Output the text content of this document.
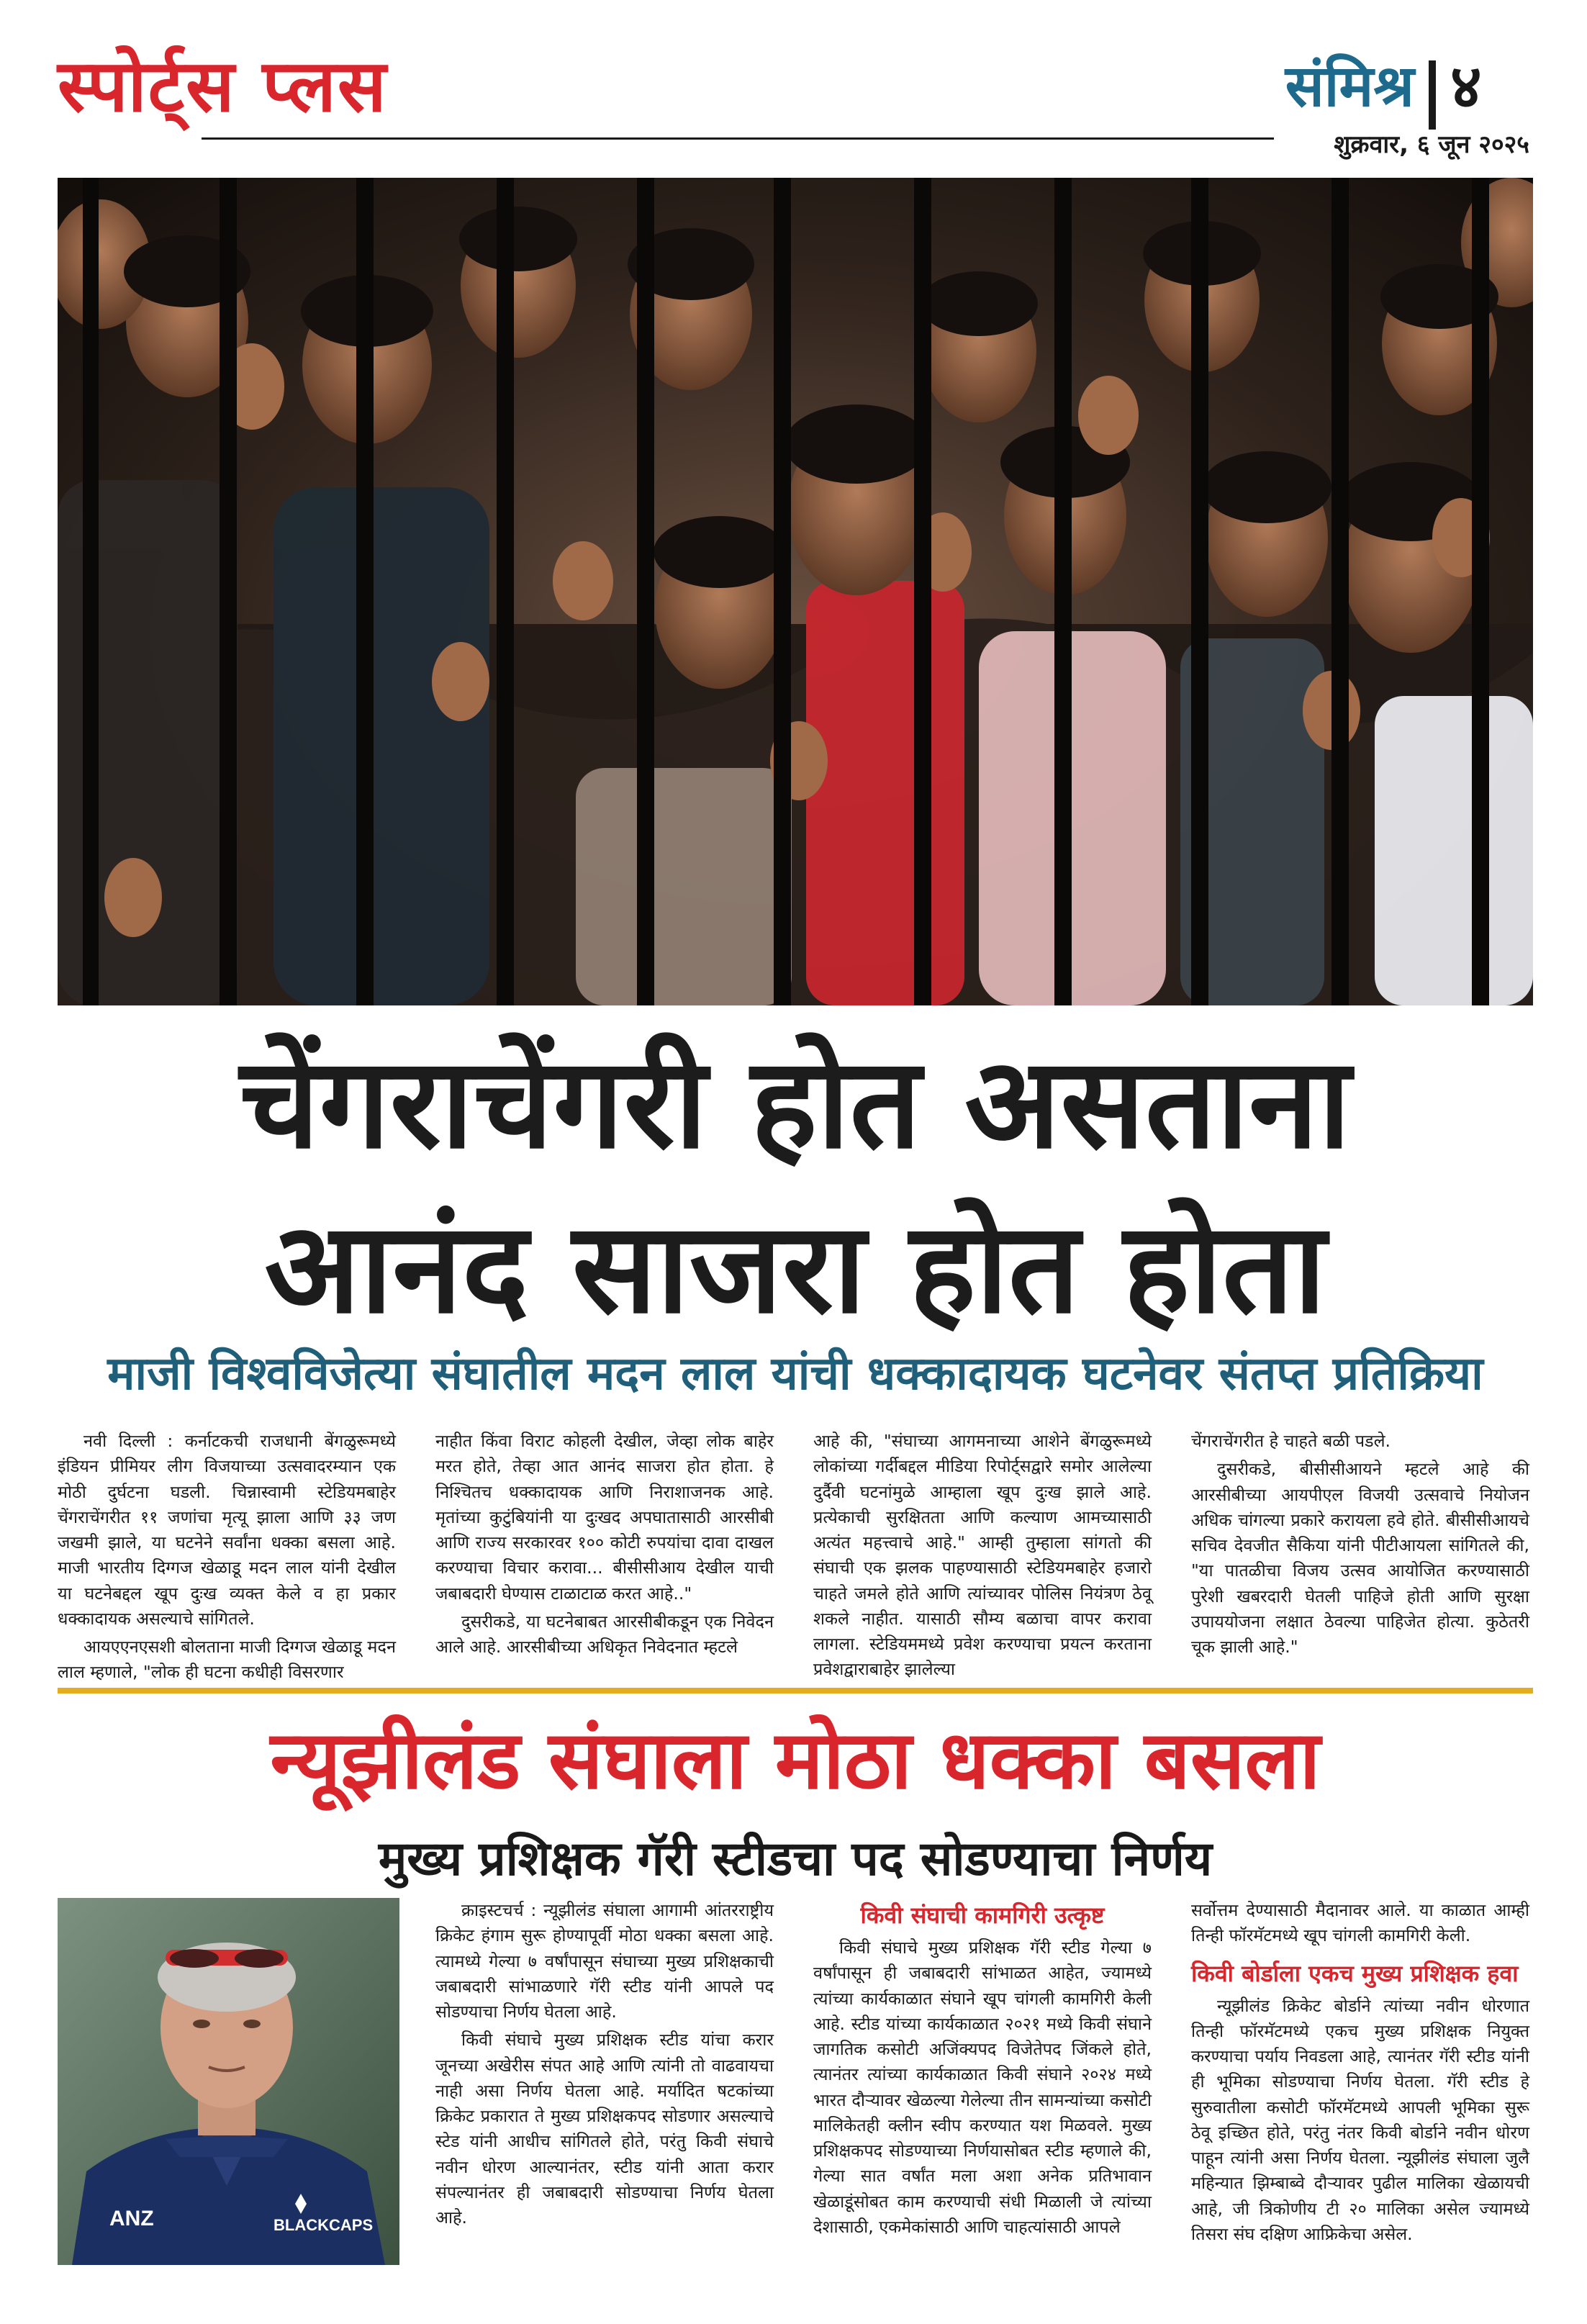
स्पोर्ट्स प्लस	संमिश्र ४
शुक्रवार, ६ जून २०२५
चेंगराचेंगरी होत असताना
आनंद साजरा होत होता
माजी विश्वविजेत्या संघातील मदन लाल यांची धक्कादायक घटनेवर संतप्त प्रतिक्रिया

नवी दिल्ली : कर्नाटकची राजधानी बेंगळुरूमध्ये इंडियन प्रीमियर लीग विजयाच्या उत्सवादरम्यान एक मोठी दुर्घटना घडली. चिन्नास्वामी स्टेडियमबाहेर चेंगराचेंगरीत ११ जणांचा मृत्यू झाला आणि ३३ जण जखमी झाले, या घटनेने सर्वांना धक्का बसला आहे. माजी भारतीय दिग्गज खेळाडू मदन लाल यांनी देखील या घटनेबद्दल खूप दुःख व्यक्त केले व हा प्रकार धक्कादायक असल्याचे सांगितले.

आयएएनएसशी बोलताना माजी दिग्गज खेळाडू मदन लाल म्हणाले, "लोक ही घटना कधीही विसरणार

नाहीत किंवा विराट कोहली देखील, जेव्हा लोक बाहेर मरत होते, तेव्हा आत आनंद साजरा होत होता. हे निश्चितच धक्कादायक आणि निराशाजनक आहे. मृतांच्या कुटुंबियांनी या दुःखद अपघातासाठी आरसीबी आणि राज्य सरकारवर १०० कोटी रुपयांचा दावा दाखल करण्याचा विचार करावा... बीसीसीआय देखील याची जबाबदारी घेण्यास टाळाटाळ करत आहे.."

दुसरीकडे, या घटनेबाबत आरसीबीकडून एक निवेदन आले आहे. आरसीबीच्या अधिकृत निवेदनात म्हटले

आहे की, "संघाच्या आगमनाच्या आशेने बेंगळुरूमध्ये लोकांच्या गर्दीबद्दल मीडिया रिपोर्ट्सद्वारे समोर आलेल्या दुर्दैवी घटनांमुळे आम्हाला खूप दुःख झाले आहे. प्रत्येकाची सुरक्षितता आणि कल्याण आमच्यासाठी अत्यंत महत्त्वाचे आहे." आम्ही तुम्हाला सांगतो की संघाची एक झलक पाहण्यासाठी स्टेडियमबाहेर हजारो चाहते जमले होते आणि त्यांच्यावर पोलिस नियंत्रण ठेवू शकले नाहीत. यासाठी सौम्य बळाचा वापर करावा लागला. स्टेडियममध्ये प्रवेश करण्याचा प्रयत्न करताना प्रवेशद्वाराबाहेर झालेल्या

चेंगराचेंगरीत हे चाहते बळी पडले.

दुसरीकडे, बीसीसीआयने म्हटले आहे की आरसीबीच्या आयपीएल विजयी उत्सवाचे नियोजन अधिक चांगल्या प्रकारे करायला हवे होते. बीसीसीआयचे सचिव देवजीत सैकिया यांनी पीटीआयला सांगितले की, "या पातळीचा विजय उत्सव आयोजित करण्यासाठी पुरेशी खबरदारी घेतली पाहिजे होती आणि सुरक्षा उपाययोजना लक्षात ठेवल्या पाहिजेत होत्या. कुठेतरी चूक झाली आहे."

न्यूझीलंड संघाला मोठा धक्का बसला
मुख्य प्रशिक्षक गॅरी स्टीडचा पद सोडण्याचा निर्णय
ANZ	BLACKCAPS

क्राइस्टचर्च : न्यूझीलंड संघाला आगामी आंतरराष्ट्रीय क्रिकेट हंगाम सुरू होण्यापूर्वी मोठा धक्का बसला आहे. त्यामध्ये गेल्या ७ वर्षांपासून संघाच्या मुख्य प्रशिक्षकाची जबाबदारी सांभाळणारे गॅरी स्टीड यांनी आपले पद सोडण्याचा निर्णय घेतला आहे.

किवी संघाचे मुख्य प्रशिक्षक स्टीड यांचा करार जूनच्या अखेरीस संपत आहे आणि त्यांनी तो वाढवायचा नाही असा निर्णय घेतला आहे. मर्यादित षटकांच्या क्रिकेट प्रकारात ते मुख्य प्रशिक्षकपद सोडणार असल्याचे स्टेड यांनी आधीच सांगितले होते, परंतु किवी संघाचे नवीन धोरण आल्यानंतर, स्टीड यांनी आता करार संपल्यानंतर ही जबाबदारी सोडण्याचा निर्णय घेतला आहे.

किवी संघाची कामगिरी उत्कृष्ट

किवी संघाचे मुख्य प्रशिक्षक गॅरी स्टीड गेल्या ७ वर्षांपासून ही जबाबदारी सांभाळत आहेत, ज्यामध्ये त्यांच्या कार्यकाळात संघाने खूप चांगली कामगिरी केली आहे. स्टीड यांच्या कार्यकाळात २०२१ मध्ये किवी संघाने जागतिक कसोटी अजिंक्यपद विजेतेपद जिंकले होते, त्यानंतर त्यांच्या कार्यकाळात किवी संघाने २०२४ मध्ये भारत दौऱ्यावर खेळल्या गेलेल्या तीन सामन्यांच्या कसोटी मालिकेतही क्लीन स्वीप करण्यात यश मिळवले. मुख्य प्रशिक्षकपद सोडण्याच्या निर्णयासोबत स्टीड म्हणाले की, गेल्या सात वर्षांत मला अशा अनेक प्रतिभावान खेळाडूंसोबत काम करण्याची संधी मिळाली जे त्यांच्या देशासाठी, एकमेकांसाठी आणि चाहत्यांसाठी आपले

सर्वोत्तम देण्यासाठी मैदानावर आले. या काळात आम्ही तिन्ही फॉरमॅटमध्ये खूप चांगली कामगिरी केली.

किवी बोर्डाला एकच मुख्य प्रशिक्षक हवा

न्यूझीलंड क्रिकेट बोर्डाने त्यांच्या नवीन धोरणात तिन्ही फॉरमॅटमध्ये एकच मुख्य प्रशिक्षक नियुक्त करण्याचा पर्याय निवडला आहे, त्यानंतर गॅरी स्टीड यांनी ही भूमिका सोडण्याचा निर्णय घेतला. गॅरी स्टीड हे सुरुवातीला कसोटी फॉरमॅटमध्ये आपली भूमिका सुरू ठेवू इच्छित होते, परंतु नंतर किवी बोर्डाने नवीन धोरण पाहून त्यांनी असा निर्णय घेतला. न्यूझीलंड संघाला जुलै महिन्यात झिम्बाब्वे दौऱ्यावर पुढील मालिका खेळायची आहे, जी त्रिकोणीय टी २० मालिका असेल ज्यामध्ये तिसरा संघ दक्षिण आफ्रिकेचा असेल.
